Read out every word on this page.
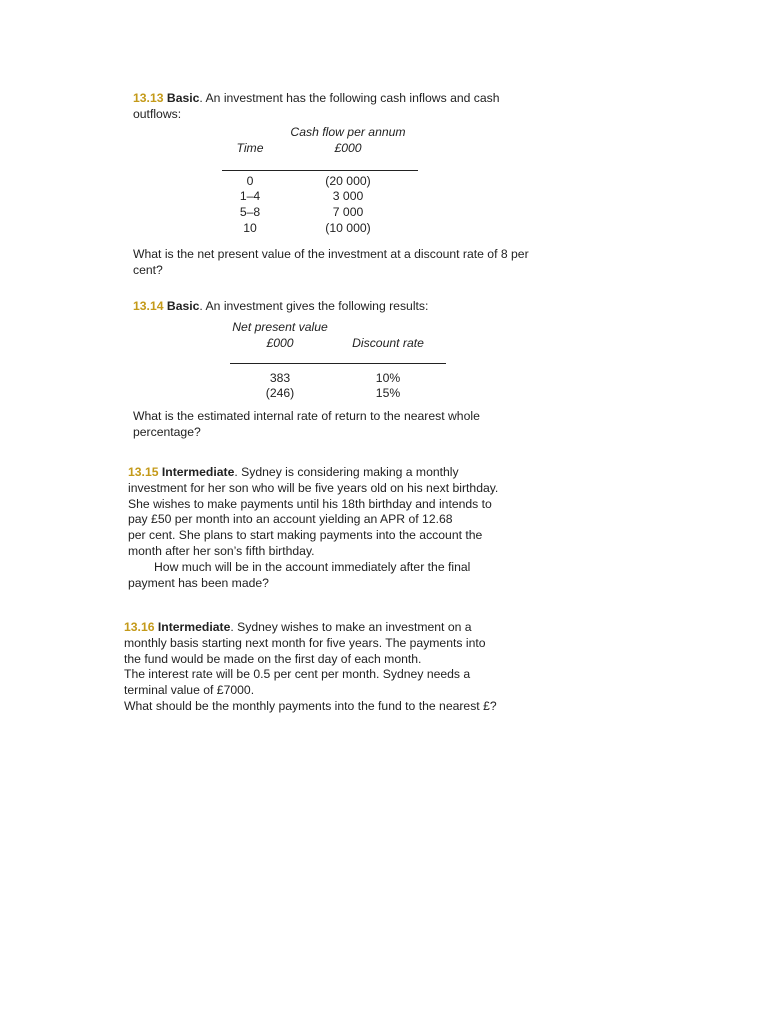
13.13 Basic. An investment has the following cash inflows and cash outflows:

	Cash flow per annum
Time	£000

0	(20 000)
1–4	3 000
5–8	7 000
10	(10 000)

What is the net present value of the investment at a discount rate of 8 per cent?

13.14 Basic. An investment gives the following results:

Net present value	
£000	Discount rate

383	10%
(246)	15%

What is the estimated internal rate of return to the nearest whole percentage?

13.15 Intermediate. Sydney is considering making a monthly

investment for her son who will be five years old on his next birthday.

She wishes to make payments until his 18th birthday and intends to

pay £50 per month into an account yielding an APR of 12.68

per cent. She plans to start making payments into the account the

month after her son’s fifth birthday.

How much will be in the account immediately after the final

payment has been made?

13.16 Intermediate. Sydney wishes to make an investment on a

monthly basis starting next month for five years. The payments into

the fund would be made on the first day of each month.

The interest rate will be 0.5 per cent per month. Sydney needs a

terminal value of £7000.

What should be the monthly payments into the fund to the nearest £?
